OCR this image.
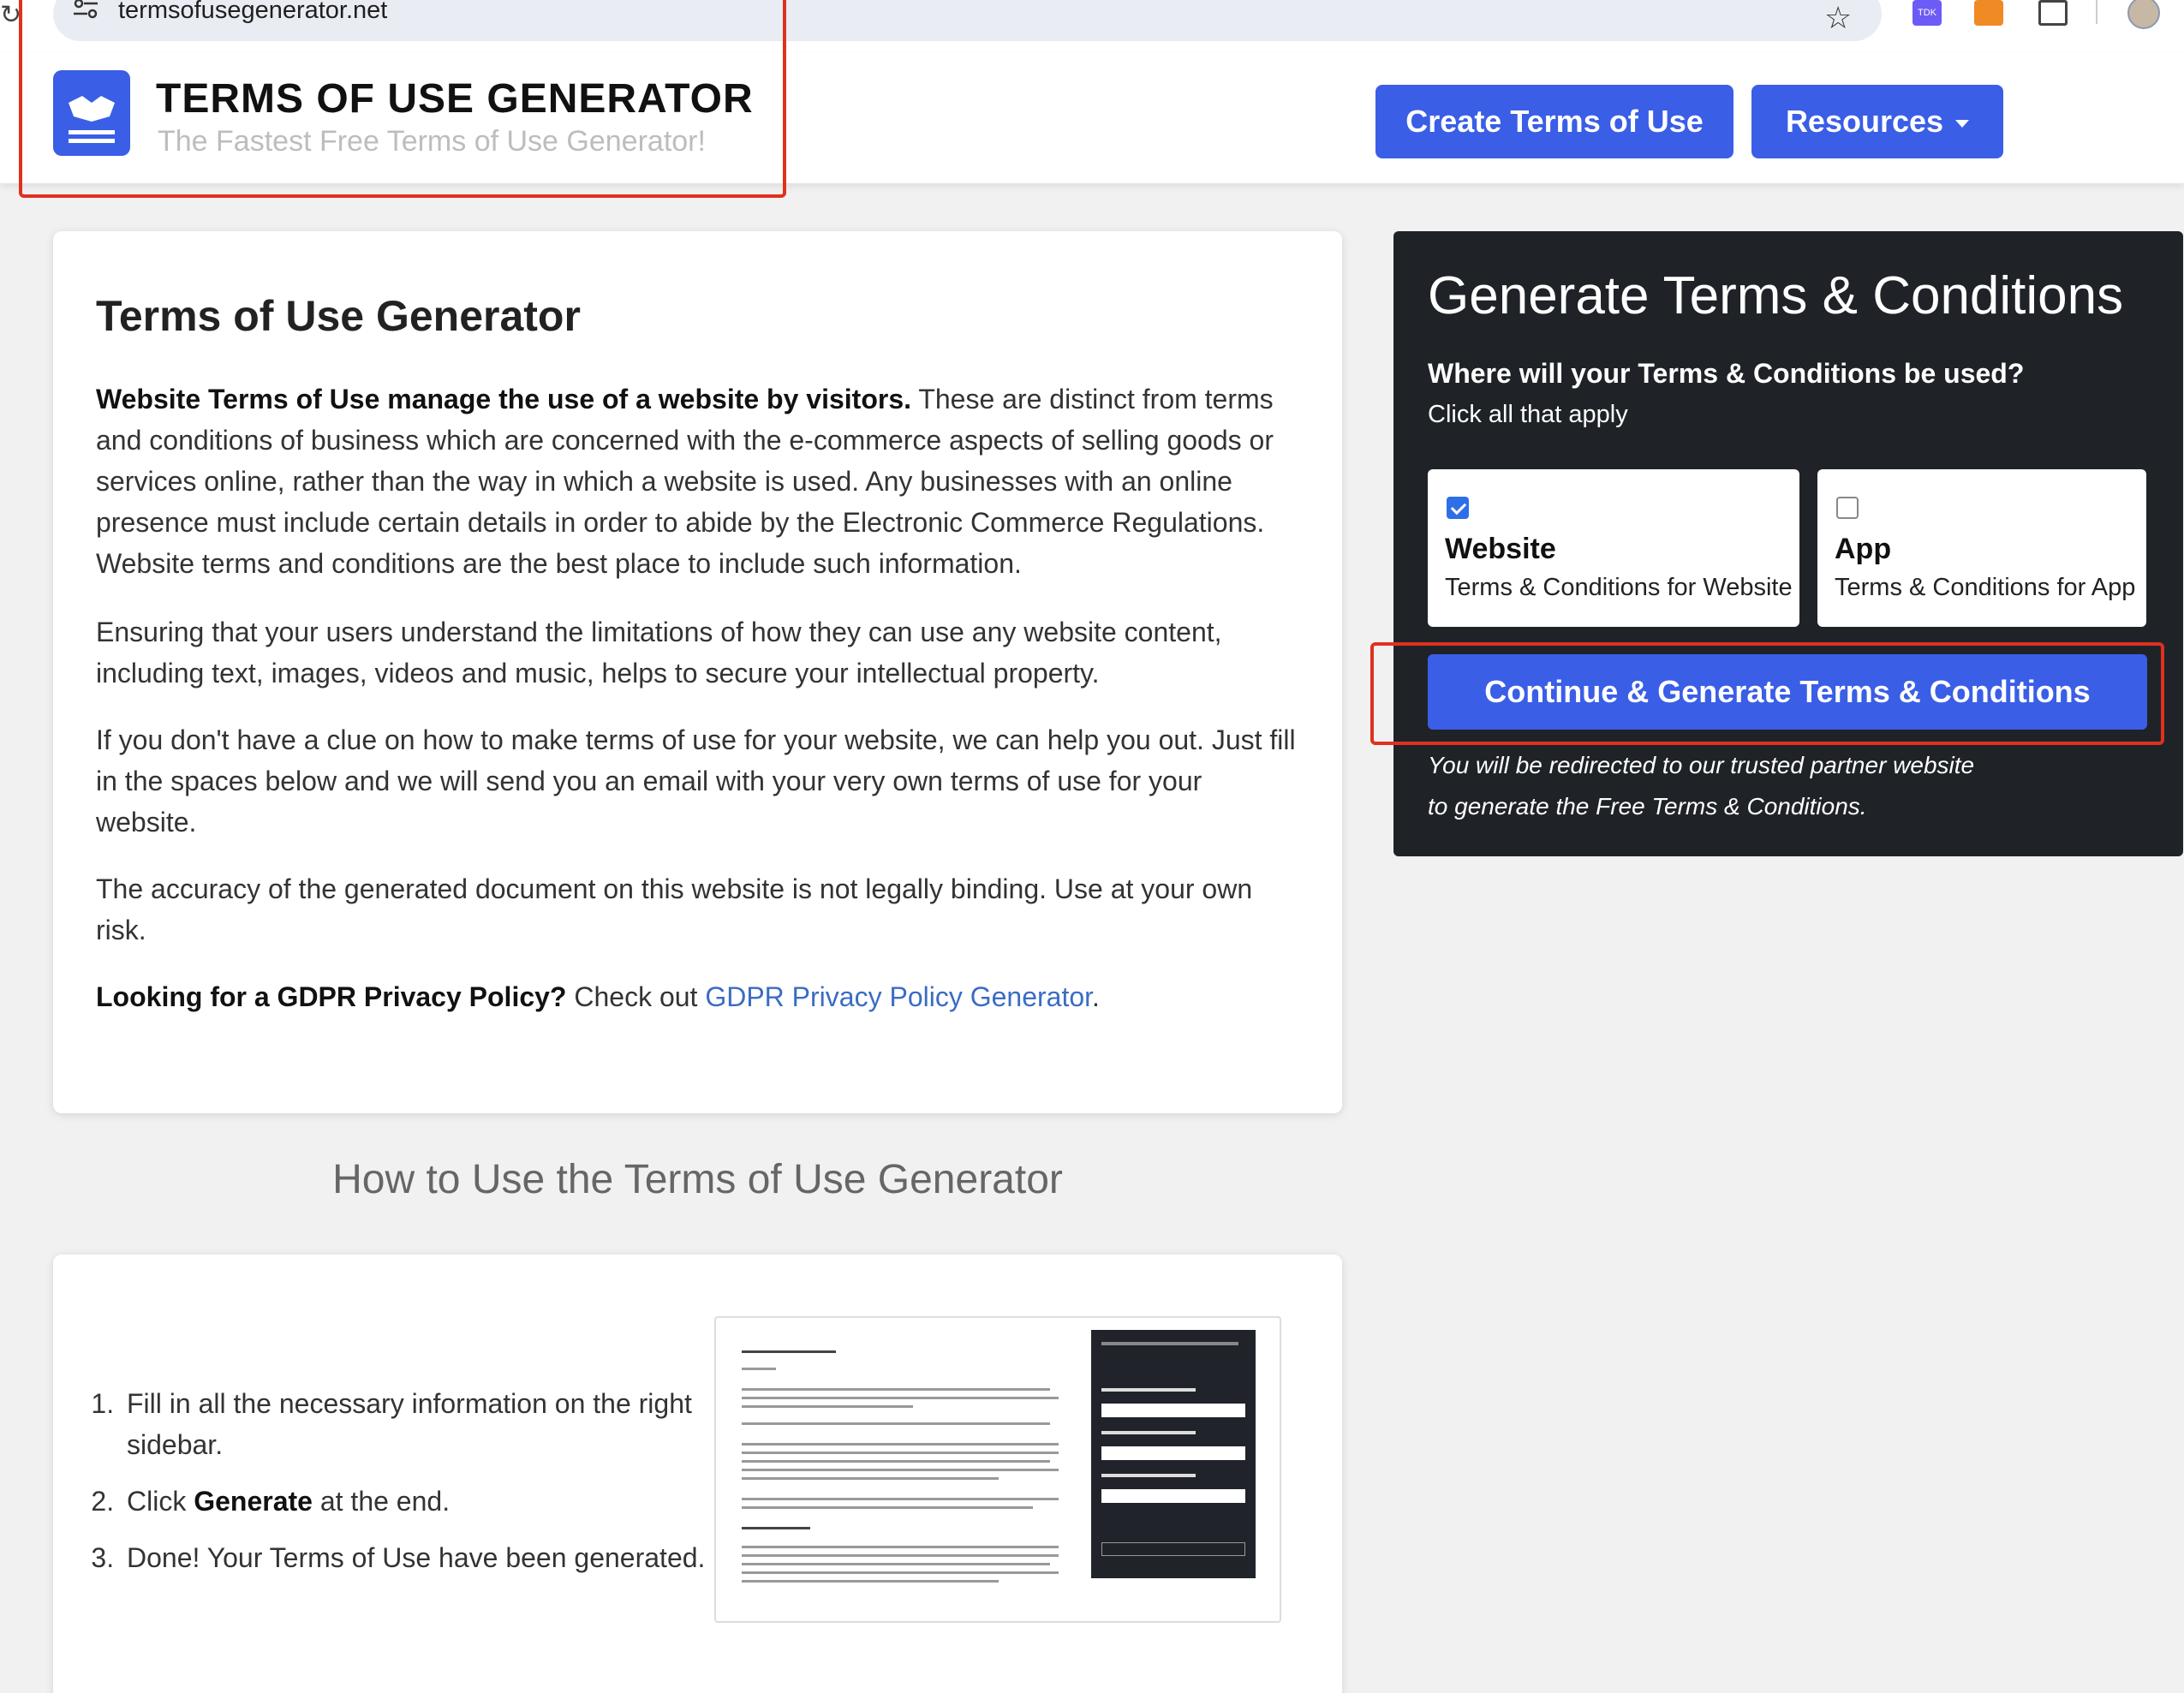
↻	termsofusegenerator.net	☆	TDK
TERMS OF USE GENERATOR
The Fastest Free Terms of Use Generator!
Create Terms of Use	Resources
Terms of Use Generator

Website Terms of Use manage the use of a website by visitors. These are distinct from terms and conditions of business which are concerned with the e-commerce aspects of selling goods or services online, rather than the way in which a website is used. Any businesses with an online presence must include certain details in order to abide by the Electronic Commerce Regulations. Website terms and conditions are the best place to include such information.

Ensuring that your users understand the limitations of how they can use any website content, including text, images, videos and music, helps to secure your intellectual property.

If you don't have a clue on how to make terms of use for your website, we can help you out. Just fill in the spaces below and we will send you an email with your very own terms of use for your website.

The accuracy of the generated document on this website is not legally binding. Use at your own risk.

Looking for a GDPR Privacy Policy? Check out GDPR Privacy Policy Generator.

Generate Terms & Conditions
Where will your Terms & Conditions be used?
Click all that apply
Website
Terms & Conditions for Website
App
Terms & Conditions for App
Continue & Generate Terms & Conditions
You will be redirected to our trusted partner website
to generate the Free Terms & Conditions.
How to Use the Terms of Use Generator
1. Fill in all the necessary information on the right sidebar.
2. Click Generate at the end.
3. Done! Your Terms of Use have been generated.
